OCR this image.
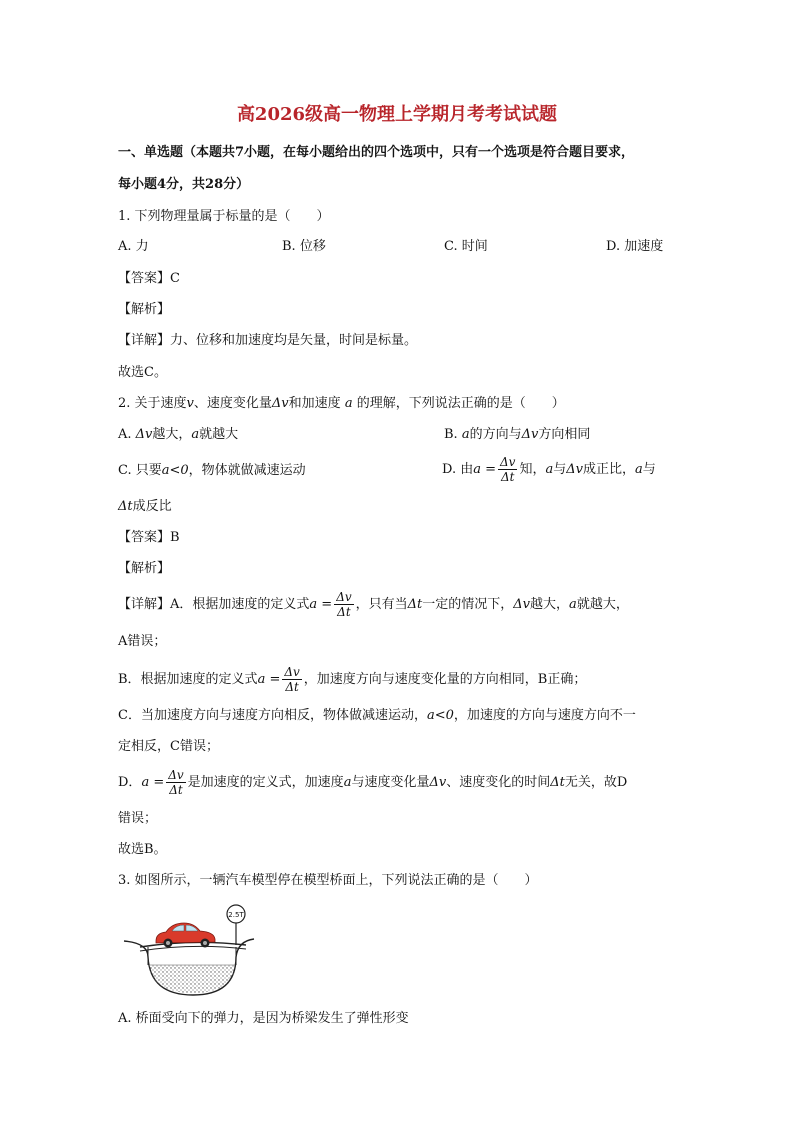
高2026级高一物理上学期月考考试试题
一、单选题（本题共7小题，在每小题给出的四个选项中，只有一个选项是符合题目要求，
每小题4分，共28分）
1. 下列物理量属于标量的是（　　）
A. 力	B. 位移	C. 时间	D. 加速度
【答案】C
【解析】
【详解】力、位移和加速度均是矢量，时间是标量。
故选C。
2. 关于速度v、速度变化量Δv和加速度 a 的理解，下列说法正确的是（　　）
A. Δv越大，a就越大	B. a的方向与Δv方向相同
C. 只要a<0，物体就做减速运动	D. 由$a = \frac{\Delta v}{\Delta t}$ 知，a与Δv成正比，a与
Δt成反比
【答案】B
【解析】
【详解】A．根据加速度的定义式$a = \frac{\Delta v}{\Delta t}$ ，只有当Δt一定的情况下，Δv越大，a就越大，
A错误；
B．根据加速度的定义式$a = \frac{\Delta v}{\Delta t}$ ，加速度方向与速度变化量的方向相同，B正确；
C．当加速度方向与速度方向相反，物体做减速运动，a<0，加速度的方向与速度方向不一
定相反，C错误；
D．$a = \frac{\Delta v}{\Delta t}$ 是加速度的定义式，加速度a与速度变化量Δv、速度变化的时间Δt无关，故D
错误；
故选B。
3. 如图所示，一辆汽车模型停在模型桥面上，下列说法正确的是（　　）
2.5T
A. 桥面受向下的弹力，是因为桥梁发生了弹性形变
